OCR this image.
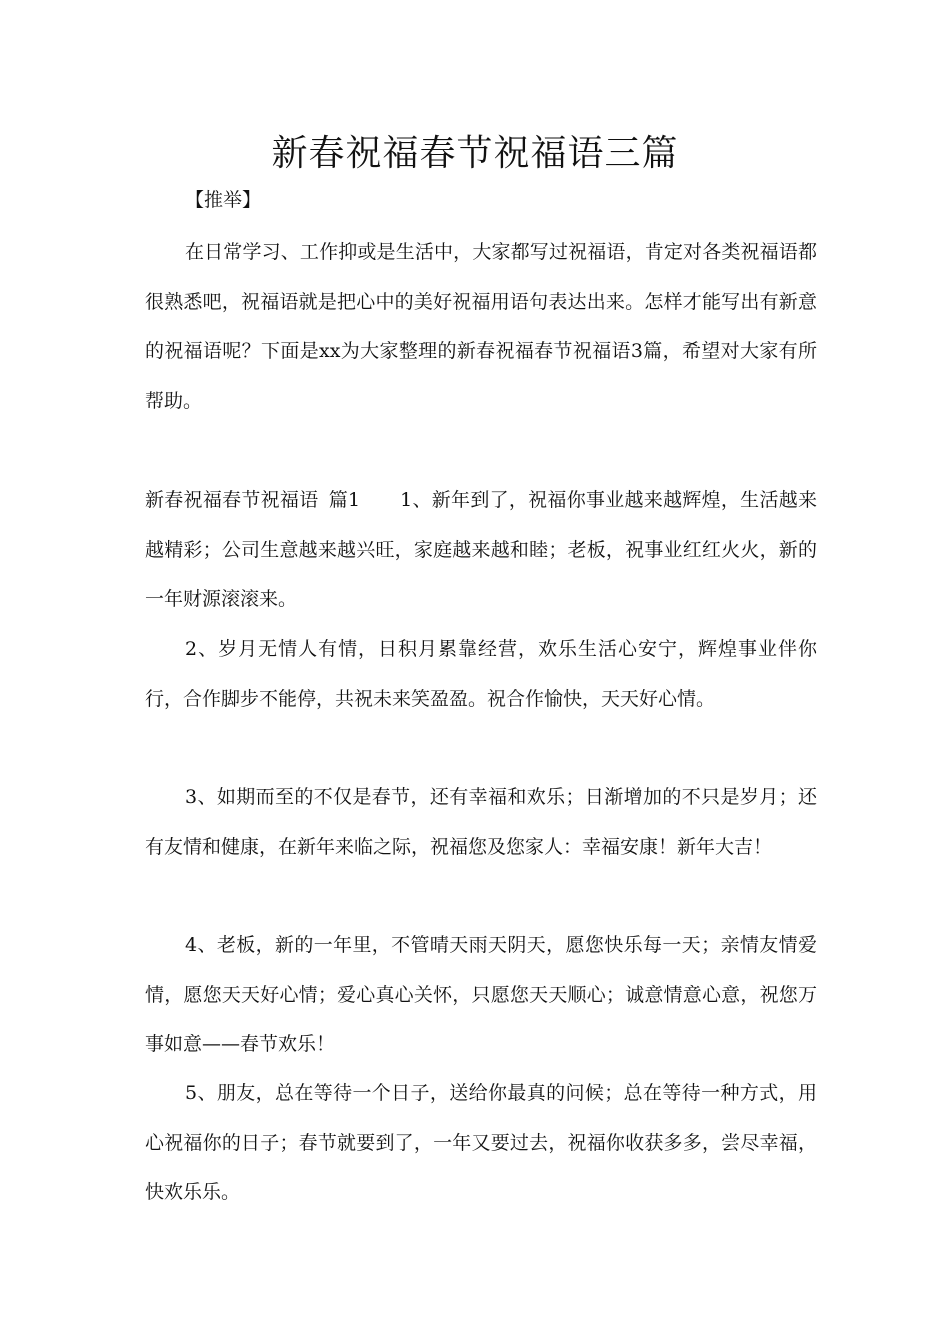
新春祝福春节祝福语三篇
【推举】

在日常学习、工作抑或是生活中，大家都写过祝福语，肯定对各类祝福语都很熟悉吧，祝福语就是把心中的美好祝福用语句表达出来。怎样才能写出有新意的祝福语呢？下面是xx为大家整理的新春祝福春节祝福语3篇，希望对大家有所帮助。

新春祝福春节祝福语 篇1 1、新年到了，祝福你事业越来越辉煌，生活越来越精彩；公司生意越来越兴旺，家庭越来越和睦；老板，祝事业红红火火，新的一年财源滚滚来。

2、岁月无情人有情，日积月累靠经营，欢乐生活心安宁，辉煌事业伴你行，合作脚步不能停，共祝未来笑盈盈。祝合作愉快，天天好心情。

3、如期而至的不仅是春节，还有幸福和欢乐；日渐增加的不只是岁月；还有友情和健康，在新年来临之际，祝福您及您家人：幸福安康！新年大吉！

4、老板，新的一年里，不管晴天雨天阴天，愿您快乐每一天；亲情友情爱情，愿您天天好心情；爱心真心关怀，只愿您天天顺心；诚意情意心意，祝您万事如意——春节欢乐！

5、朋友，总在等待一个日子，送给你最真的问候；总在等待一种方式，用心祝福你的日子；春节就要到了，一年又要过去，祝福你收获多多，尝尽幸福，快欢乐乐。
